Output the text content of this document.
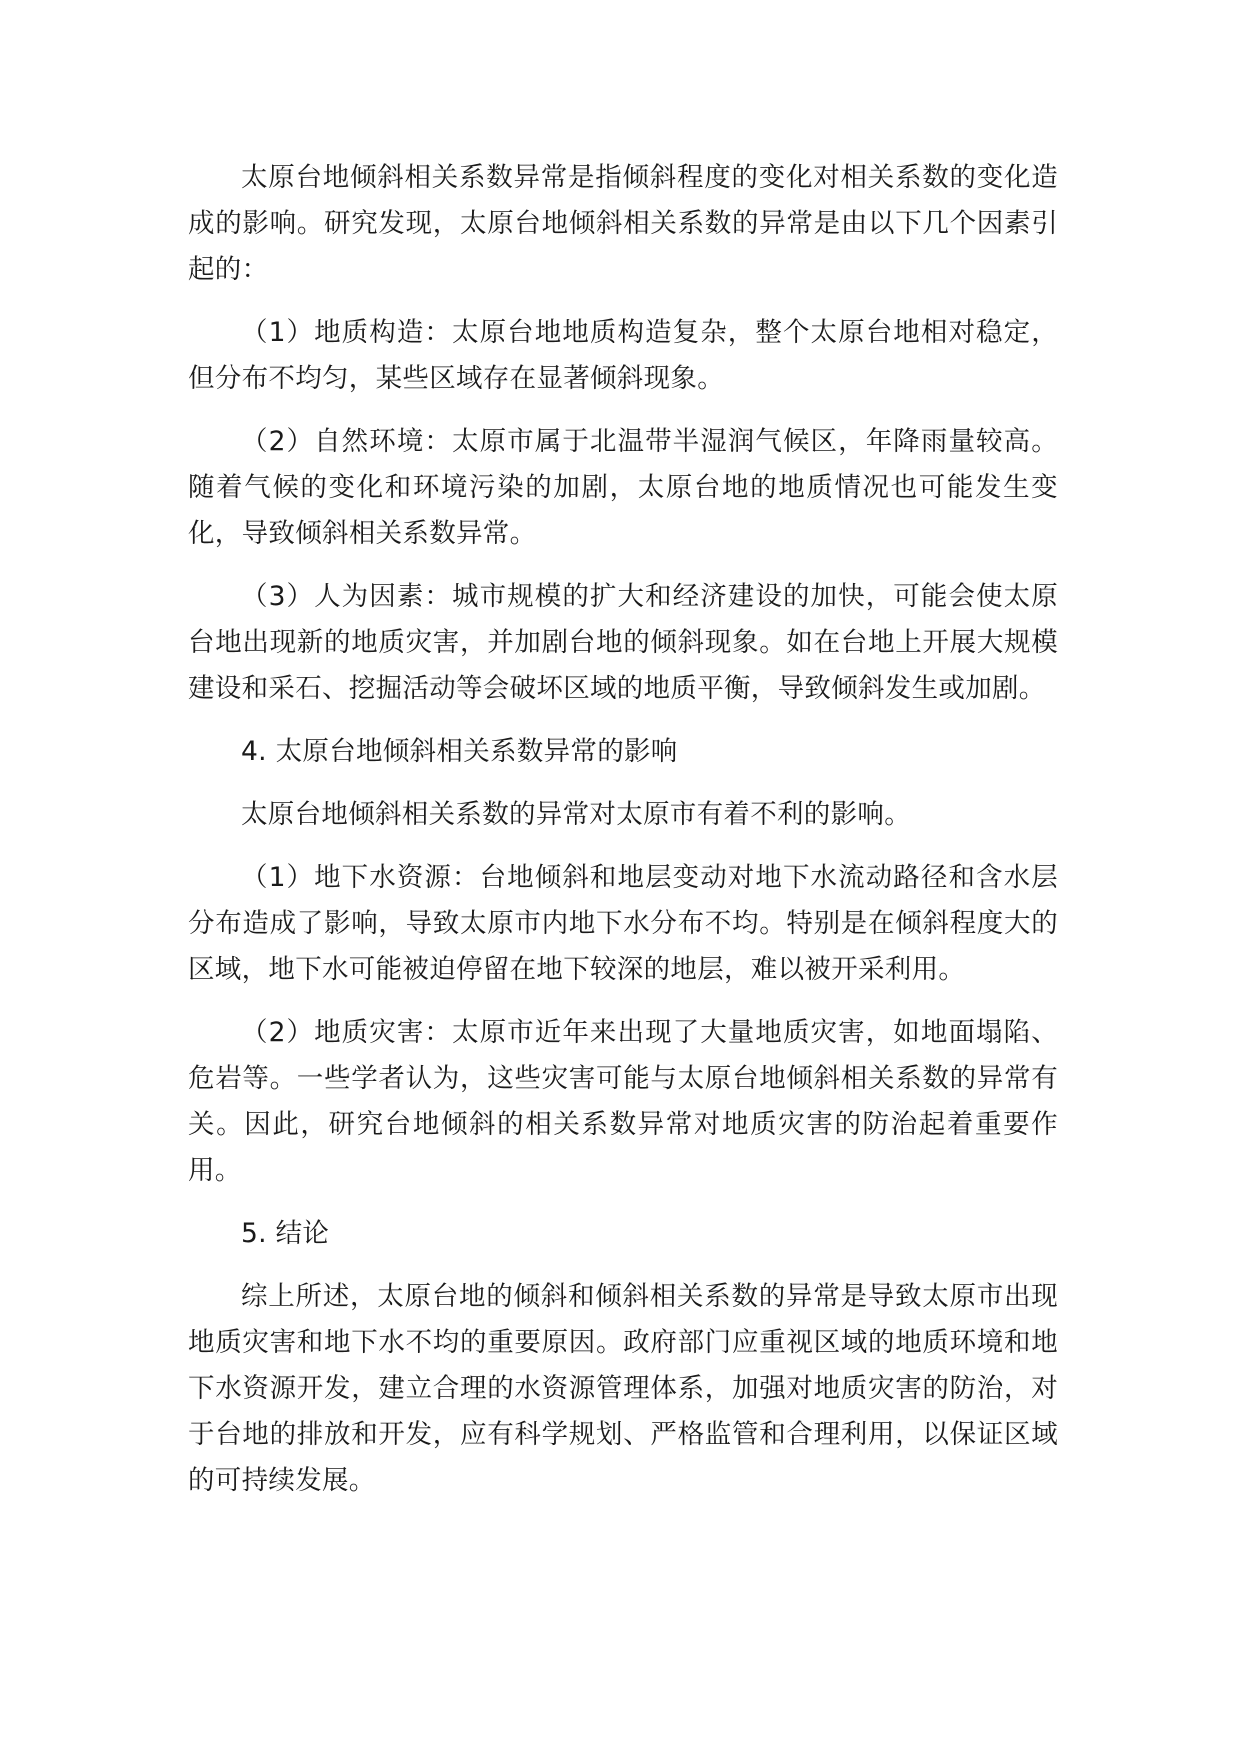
太原台地倾斜相关系数异常是指倾斜程度的变化对相关系数的变化造成的影响。研究发现，太原台地倾斜相关系数的异常是由以下几个因素引起的：

（1）地质构造：太原台地地质构造复杂，整个太原台地相对稳定，但分布不均匀，某些区域存在显著倾斜现象。

（2）自然环境：太原市属于北温带半湿润气候区，年降雨量较高。随着气候的变化和环境污染的加剧，太原台地的地质情况也可能发生变化，导致倾斜相关系数异常。

（3）人为因素：城市规模的扩大和经济建设的加快，可能会使太原台地出现新的地质灾害，并加剧台地的倾斜现象。如在台地上开展大规模建设和采石、挖掘活动等会破坏区域的地质平衡，导致倾斜发生或加剧。

4. 太原台地倾斜相关系数异常的影响

太原台地倾斜相关系数的异常对太原市有着不利的影响。

（1）地下水资源：台地倾斜和地层变动对地下水流动路径和含水层分布造成了影响，导致太原市内地下水分布不均。特别是在倾斜程度大的区域，地下水可能被迫停留在地下较深的地层，难以被开采利用。

（2）地质灾害：太原市近年来出现了大量地质灾害，如地面塌陷、危岩等。一些学者认为，这些灾害可能与太原台地倾斜相关系数的异常有关。因此，研究台地倾斜的相关系数异常对地质灾害的防治起着重要作用。

5. 结论

综上所述，太原台地的倾斜和倾斜相关系数的异常是导致太原市出现地质灾害和地下水不均的重要原因。政府部门应重视区域的地质环境和地下水资源开发，建立合理的水资源管理体系，加强对地质灾害的防治，对于台地的排放和开发，应有科学规划、严格监管和合理利用，以保证区域的可持续发展。
